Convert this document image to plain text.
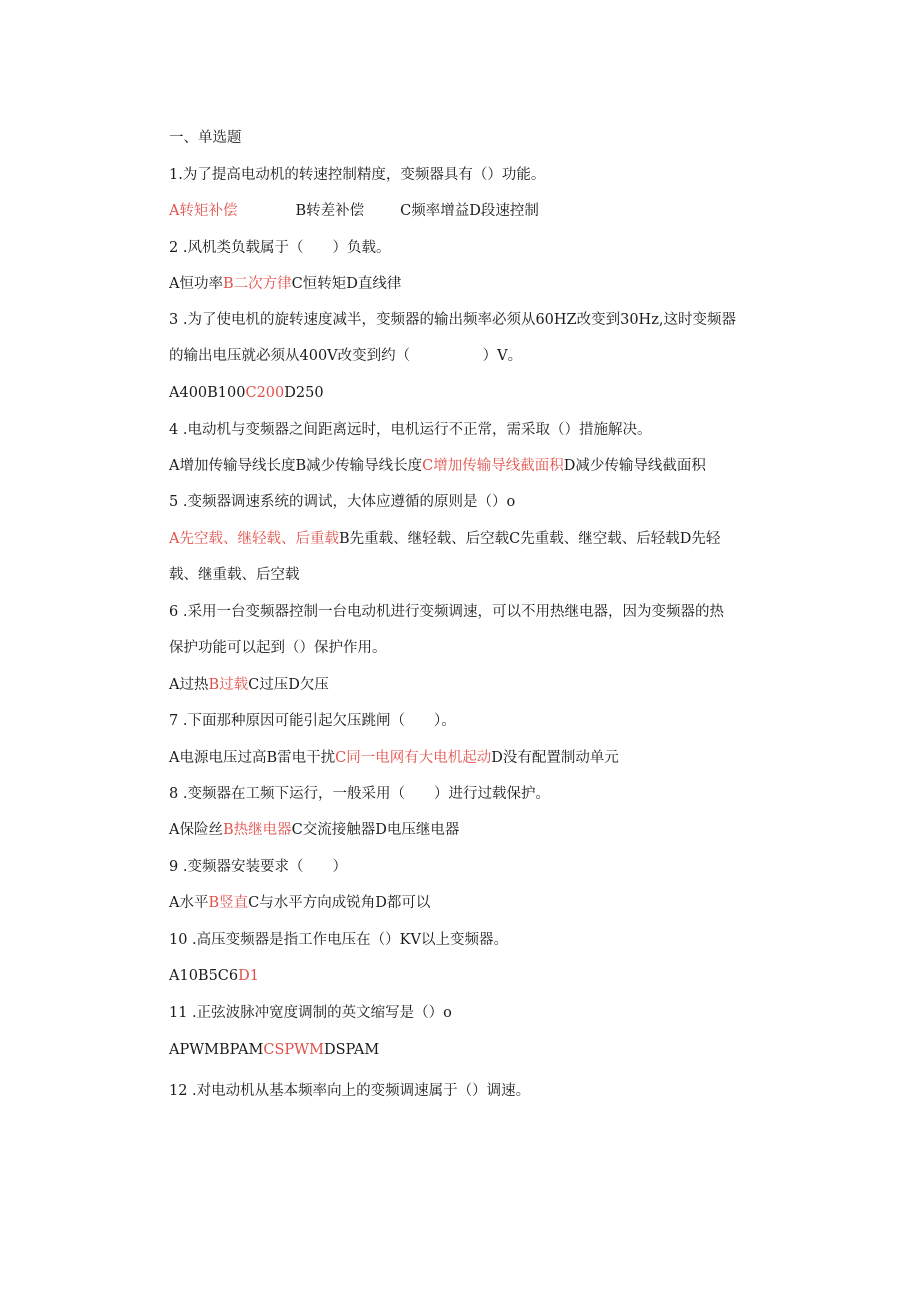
一、单选题
1.为了提高电动机的转速控制精度，变频器具有（）功能。
A转矩补偿	B转差补偿 C频率增益D段速控制
2 .风机类负载属于（　　）负载。
A恒功率B二次方律C恒转矩D直线律
3 .为了使电机的旋转速度减半，变频器的输出频率必须从60HZ改变到30Hz,这时变频器
的输出电压就必须从400V改变到约（　　　　　）V。
A400B100C200D250
4 .电动机与变频器之间距离远时，电机运行不正常，需采取（）措施解决。
A增加传输导线长度B减少传输导线长度C增加传输导线截面积D减少传输导线截面积
5 .变频器调速系统的调试，大体应遵循的原则是（）o
A先空载、继轻载、后重载B先重载、继轻载、后空载C先重载、继空载、后轻载D先轻
载、继重载、后空载
6 .采用一台变频器控制一台电动机进行变频调速，可以不用热继电器，因为变频器的热
保护功能可以起到（）保护作用。
A过热B过载C过压D欠压
7 .下面那种原因可能引起欠压跳闸（　　）。
A电源电压过高B雷电干扰C同一电网有大电机起动D没有配置制动单元
8 .变频器在工频下运行，一般采用（　　）进行过载保护。
A保险丝B热继电器C交流接触器D电压继电器
9 .变频器安装要求（　　）
A水平B竖直C与水平方向成锐角D都可以
10 .高压变频器是指工作电压在（）KV以上变频器。
A10B5C6D1
11 .正弦波脉冲宽度调制的英文缩写是（）o
APWMBPAMCSPWMDSPAM
12 .对电动机从基本频率向上的变频调速属于（）调速。
